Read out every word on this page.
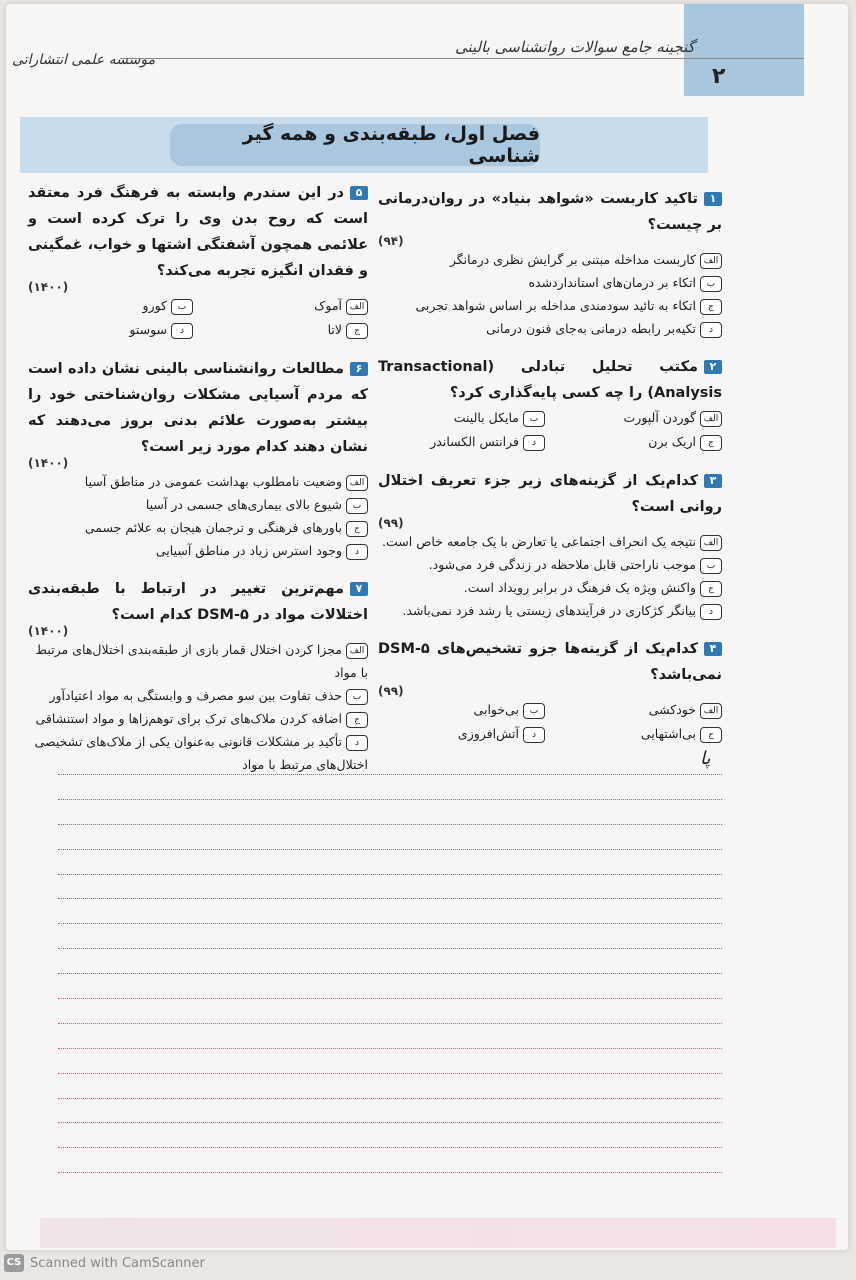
۲
گنجینه جامع سوالات روانشناسی بالینی
موسسه علمی انتشاراتی
فصل اول، طبقه‌بندی و همه گیر شناسی
۱تاکید کاربست «شواهد بنیاد» در روان‌درمانی بر چیست؟
(۹۴)
الفکاربست مداخله مبتنی بر گرایش نظری درمانگر
باتکاء بر درمان‌های استانداردشده
جاتکاء به تائید سودمندی مداخله بر اساس شواهد تجربی
دتکیه‌بر رابطه درمانی به‌جای فنون درمانی
۲مکتب تحلیل تبادلی (Transactional Analysis) را چه کسی پایه‌گذاری کرد؟
الفگوردن آلپورت
بمایکل بالینت
جاریک برن
دفرانتس الکساندر
۳کدام‌یک از گزینه‌های زیر جزء تعریف اختلال روانی است؟
(۹۹)
الفنتیجه یک انحراف اجتماعی یا تعارض با یک جامعه خاص است.
بموجب ناراحتی قابل ملاحظه در زندگی فرد می‌شود.
جواکنش ویژه یک فرهنگ در برابر رویداد است.
دبیانگر کژکاری در فرآیندهای زیستی یا رشد فرد نمی‌باشد.
۴کدام‌یک از گزینه‌ها جزو تشخیص‌های DSM-۵ نمی‌باشد؟
(۹۹)
الفخودکشی
ببی‌خوابی
جبی‌اشتهایی
دآتش‌افروزی
۵در این سندرم وابسته به فرهنگ فرد معتقد است که روح بدن وی را ترک کرده است و علائمی همچون آشفتگی اشتها و خواب، غمگینی و فقدان انگیزه تجربه می‌کند؟
(۱۴۰۰)
الفآموک
بکورو
جلاتا
دسوستو
۶مطالعات روانشناسی بالینی نشان داده است که مردم آسیایی مشکلات روان‌شناختی خود را بیشتر به‌صورت علائم بدنی بروز می‌دهند که نشان دهند کدام مورد زیر است؟
(۱۴۰۰)
الفوضعیت نامطلوب بهداشت عمومی در مناطق آسیا
بشیوع بالای بیماری‌های جسمی در آسیا
جباورهای فرهنگی و ترجمان هیجان به علائم جسمی
دوجود استرس زیاد در مناطق آسیایی
۷مهم‌ترین تغییر در ارتباط با طبقه‌بندی اختلالات مواد در DSM-۵ کدام است؟
(۱۴۰۰)
الفمجزا کردن اختلال قمار بازی از طبقه‌بندی اختلال‌های مرتبط با مواد
بحذف تفاوت بین سو مصرف و وابستگی به مواد اعتیادآور
جاضافه کردن ملاک‌های ترک برای توهم‌زاها و مواد استنشاقی
دتأکید بر مشکلات قانونی به‌عنوان یکی از ملاک‌های تشخیصی اختلال‌های مرتبط با مواد	پا
CS Scanned with CamScanner
